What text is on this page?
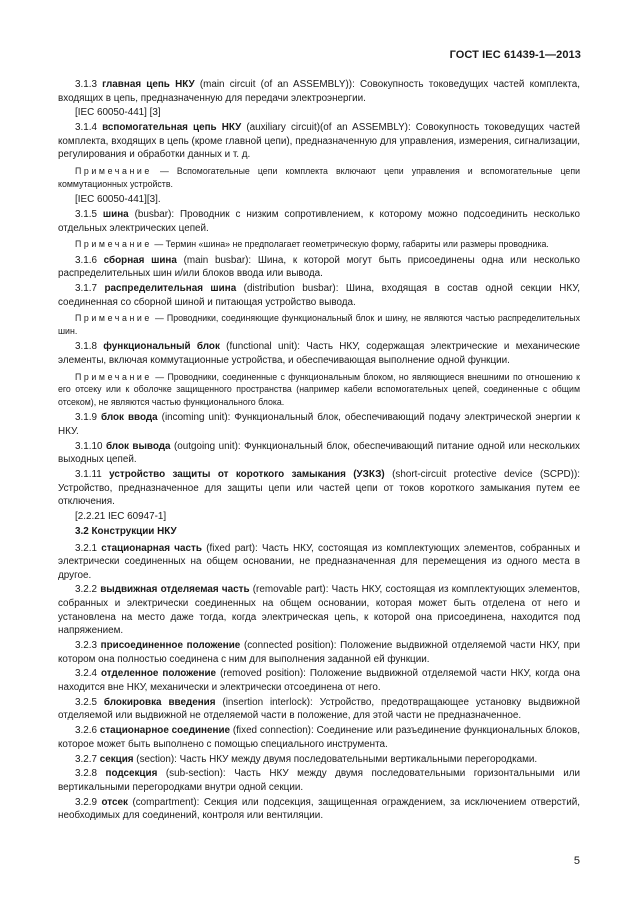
ГОСТ IEC 61439-1—2013

3.1.3 главная цепь НКУ (main circuit (of an ASSEMBLY)): Совокупность токоведущих частей комплекта, входящих в цепь, предназначенную для передачи электроэнергии.

[IEC 60050-441] [3]

3.1.4 вспомогательная цепь НКУ (auxiliary circuit)(of an ASSEMBLY): Совокупность токоведущих частей комплекта, входящих в цепь (кроме главной цепи), предназначенную для управления, измерения, сигнализации, регулирования и обработки данных и т. д.

Примечание — Вспомогательные цепи комплекта включают цепи управления и вспомогательные цепи коммутационных устройств.

[IEC 60050-441][3].

3.1.5 шина (busbar): Проводник с низким сопротивлением, к которому можно подсоединить несколько отдельных электрических цепей.

Примечание — Термин «шина» не предполагает геометрическую форму, габариты или размеры проводника.

3.1.6 сборная шина (main busbar): Шина, к которой могут быть присоединены одна или несколько распределительных шин и/или блоков ввода или вывода.

3.1.7 распределительная шина (distribution busbar): Шина, входящая в состав одной секции НКУ, соединенная со сборной шиной и питающая устройство вывода.

Примечание — Проводники, соединяющие функциональный блок и шину, не являются частью распределительных шин.

3.1.8 функциональный блок (functional unit): Часть НКУ, содержащая электрические и механические элементы, включая коммутационные устройства, и обеспечивающая выполнение одной функции.

Примечание — Проводники, соединенные с функциональным блоком, но являющиеся внешними по отношению к его отсеку или к оболочке защищенного пространства (например кабели вспомогательных цепей, соединенные с общим отсеком), не являются частью функционального блока.

3.1.9 блок ввода (incoming unit): Функциональный блок, обеспечивающий подачу электрической энергии к НКУ.

3.1.10 блок вывода (outgoing unit): Функциональный блок, обеспечивающий питание одной или нескольких выходных цепей.

3.1.11 устройство защиты от короткого замыкания (УЗКЗ) (short-circuit protective device (SCPD)): Устройство, предназначенное для защиты цепи или частей цепи от токов короткого замыкания путем ее отключения.

[2.2.21 IEC 60947-1]

3.2 Конструкции НКУ

3.2.1 стационарная часть (fixed part): Часть НКУ, состоящая из комплектующих элементов, собранных и электрически соединенных на общем основании, не предназначенная для перемещения из одного места в другое.

3.2.2 выдвижная отделяемая часть (removable part): Часть НКУ, состоящая из комплектующих элементов, собранных и электрически соединенных на общем основании, которая может быть отделена от него и установлена на место даже тогда, когда электрическая цепь, к которой она присоединена, находится под напряжением.

3.2.3 присоединенное положение (connected position): Положение выдвижной отделяемой части НКУ, при котором она полностью соединена с ним для выполнения заданной ей функции.

3.2.4 отделенное положение (removed position): Положение выдвижной отделяемой части НКУ, когда она находится вне НКУ, механически и электрически отсоединена от него.

3.2.5 блокировка введения (insertion interlock): Устройство, предотвращающее установку выдвижной отделяемой или выдвижной не отделяемой части в положение, для этой части не предназначенное.

3.2.6 стационарное соединение (fixed connection): Соединение или разъединение функциональных блоков, которое может быть выполнено с помощью специального инструмента.

3.2.7 секция (section): Часть НКУ между двумя последовательными вертикальными перегородками.

3.2.8 подсекция (sub-section): Часть НКУ между двумя последовательными горизонтальными или вертикальными перегородками внутри одной секции.

3.2.9 отсек (compartment): Секция или подсекция, защищенная ограждением, за исключением отверстий, необходимых для соединений, контроля или вентиляции.

5
